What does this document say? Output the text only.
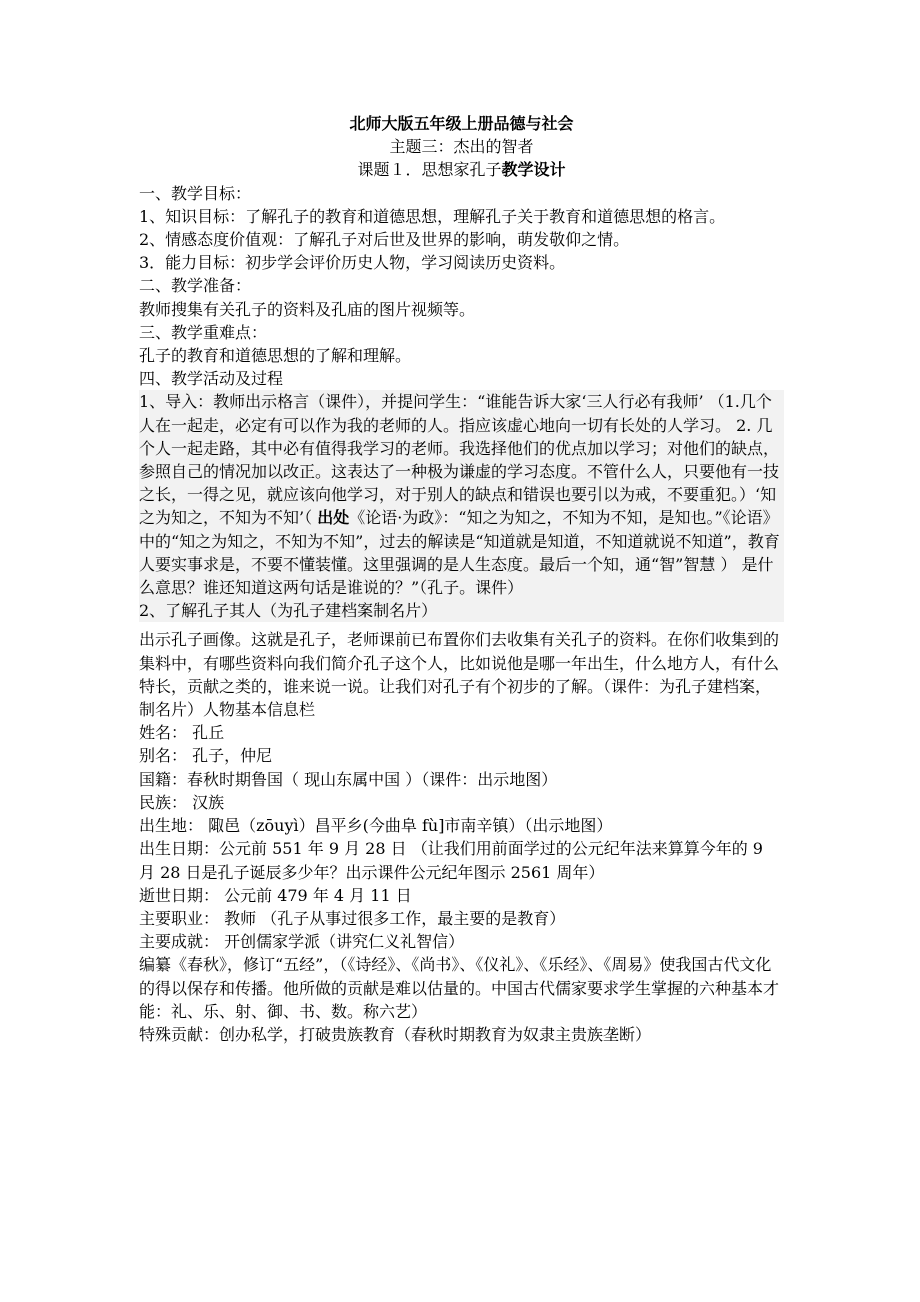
北师大版五年级上册品德与社会

主题三：杰出的智者

课题１．思想家孔子教学设计

一、教学目标：

1、知识目标：了解孔子的教育和道德思想，理解孔子关于教育和道德思想的格言。

2、情感态度价值观：了解孔子对后世及世界的影响，萌发敬仰之情。

3．能力目标：初步学会评价历史人物，学习阅读历史资料。

二、教学准备：

教师搜集有关孔子的资料及孔庙的图片视频等。

三、教学重难点：

孔子的教育和道德思想的了解和理解。

四、教学活动及过程

1、导入：教师出示格言（课件），并提问学生：“谁能告诉大家‘三人行必有我师’ （1.几个人在一起走，必定有可以作为我的老师的人。指应该虚心地向一切有长处的人学习。 2. 几个人一起走路，其中必有值得我学习的老师。我选择他们的优点加以学习；对他们的缺点，参照自己的情况加以改正。这表达了一种极为谦虚的学习态度。不管什么人，只要他有一技之长，一得之见，就应该向他学习，对于别人的缺点和错误也要引以为戒，不要重犯。）‘知之为知之，不知为不知’（ 出处《论语·为政》：“知之为知之，不知为不知，是知也。”《论语》中的“知之为知之，不知为不知”，过去的解读是“知道就是知道，不知道就说不知道”，教育人要实事求是，不要不懂装懂。这里强调的是人生态度。最后一个知，通“智”智慧 ） 是什么意思？谁还知道这两句话是谁说的？”（孔子。课件）

2、了解孔子其人（为孔子建档案制名片）

出示孔子画像。这就是孔子，老师课前已布置你们去收集有关孔子的资料。在你们收集到的集料中，有哪些资料向我们简介孔子这个人，比如说他是哪一年出生，什么地方人，有什么特长，贡献之类的，谁来说一说。让我们对孔子有个初步的了解。（课件：为孔子建档案，制名片）人物基本信息栏

姓名： 孔丘

别名： 孔子，仲尼

国籍：春秋时期鲁国（ 现山东属中国 ）（课件：出示地图）

民族： 汉族

出生地： 陬邑（zōuyì）昌平乡(今曲阜 fù]市南辛镇）（出示地图）

出生日期：公元前 551 年 9 月 28 日 （让我们用前面学过的公元纪年法来算算今年的 9 月 28 日是孔子诞辰多少年？出示课件公元纪年图示 2561 周年）

逝世日期： 公元前 479 年 4 月 11 日

主要职业： 教师 （孔子从事过很多工作，最主要的是教育）

主要成就： 开创儒家学派（讲究仁义礼智信）

编纂《春秋》，修订“五经”，（《诗经》、《尚书》、《仪礼》、《乐经》、《周易》使我国古代文化的得以保存和传播。他所做的贡献是难以估量的。中国古代儒家要求学生掌握的六种基本才能：礼、乐、射、御、书、数。称六艺）

特殊贡献：创办私学，打破贵族教育（春秋时期教育为奴隶主贵族垄断）
